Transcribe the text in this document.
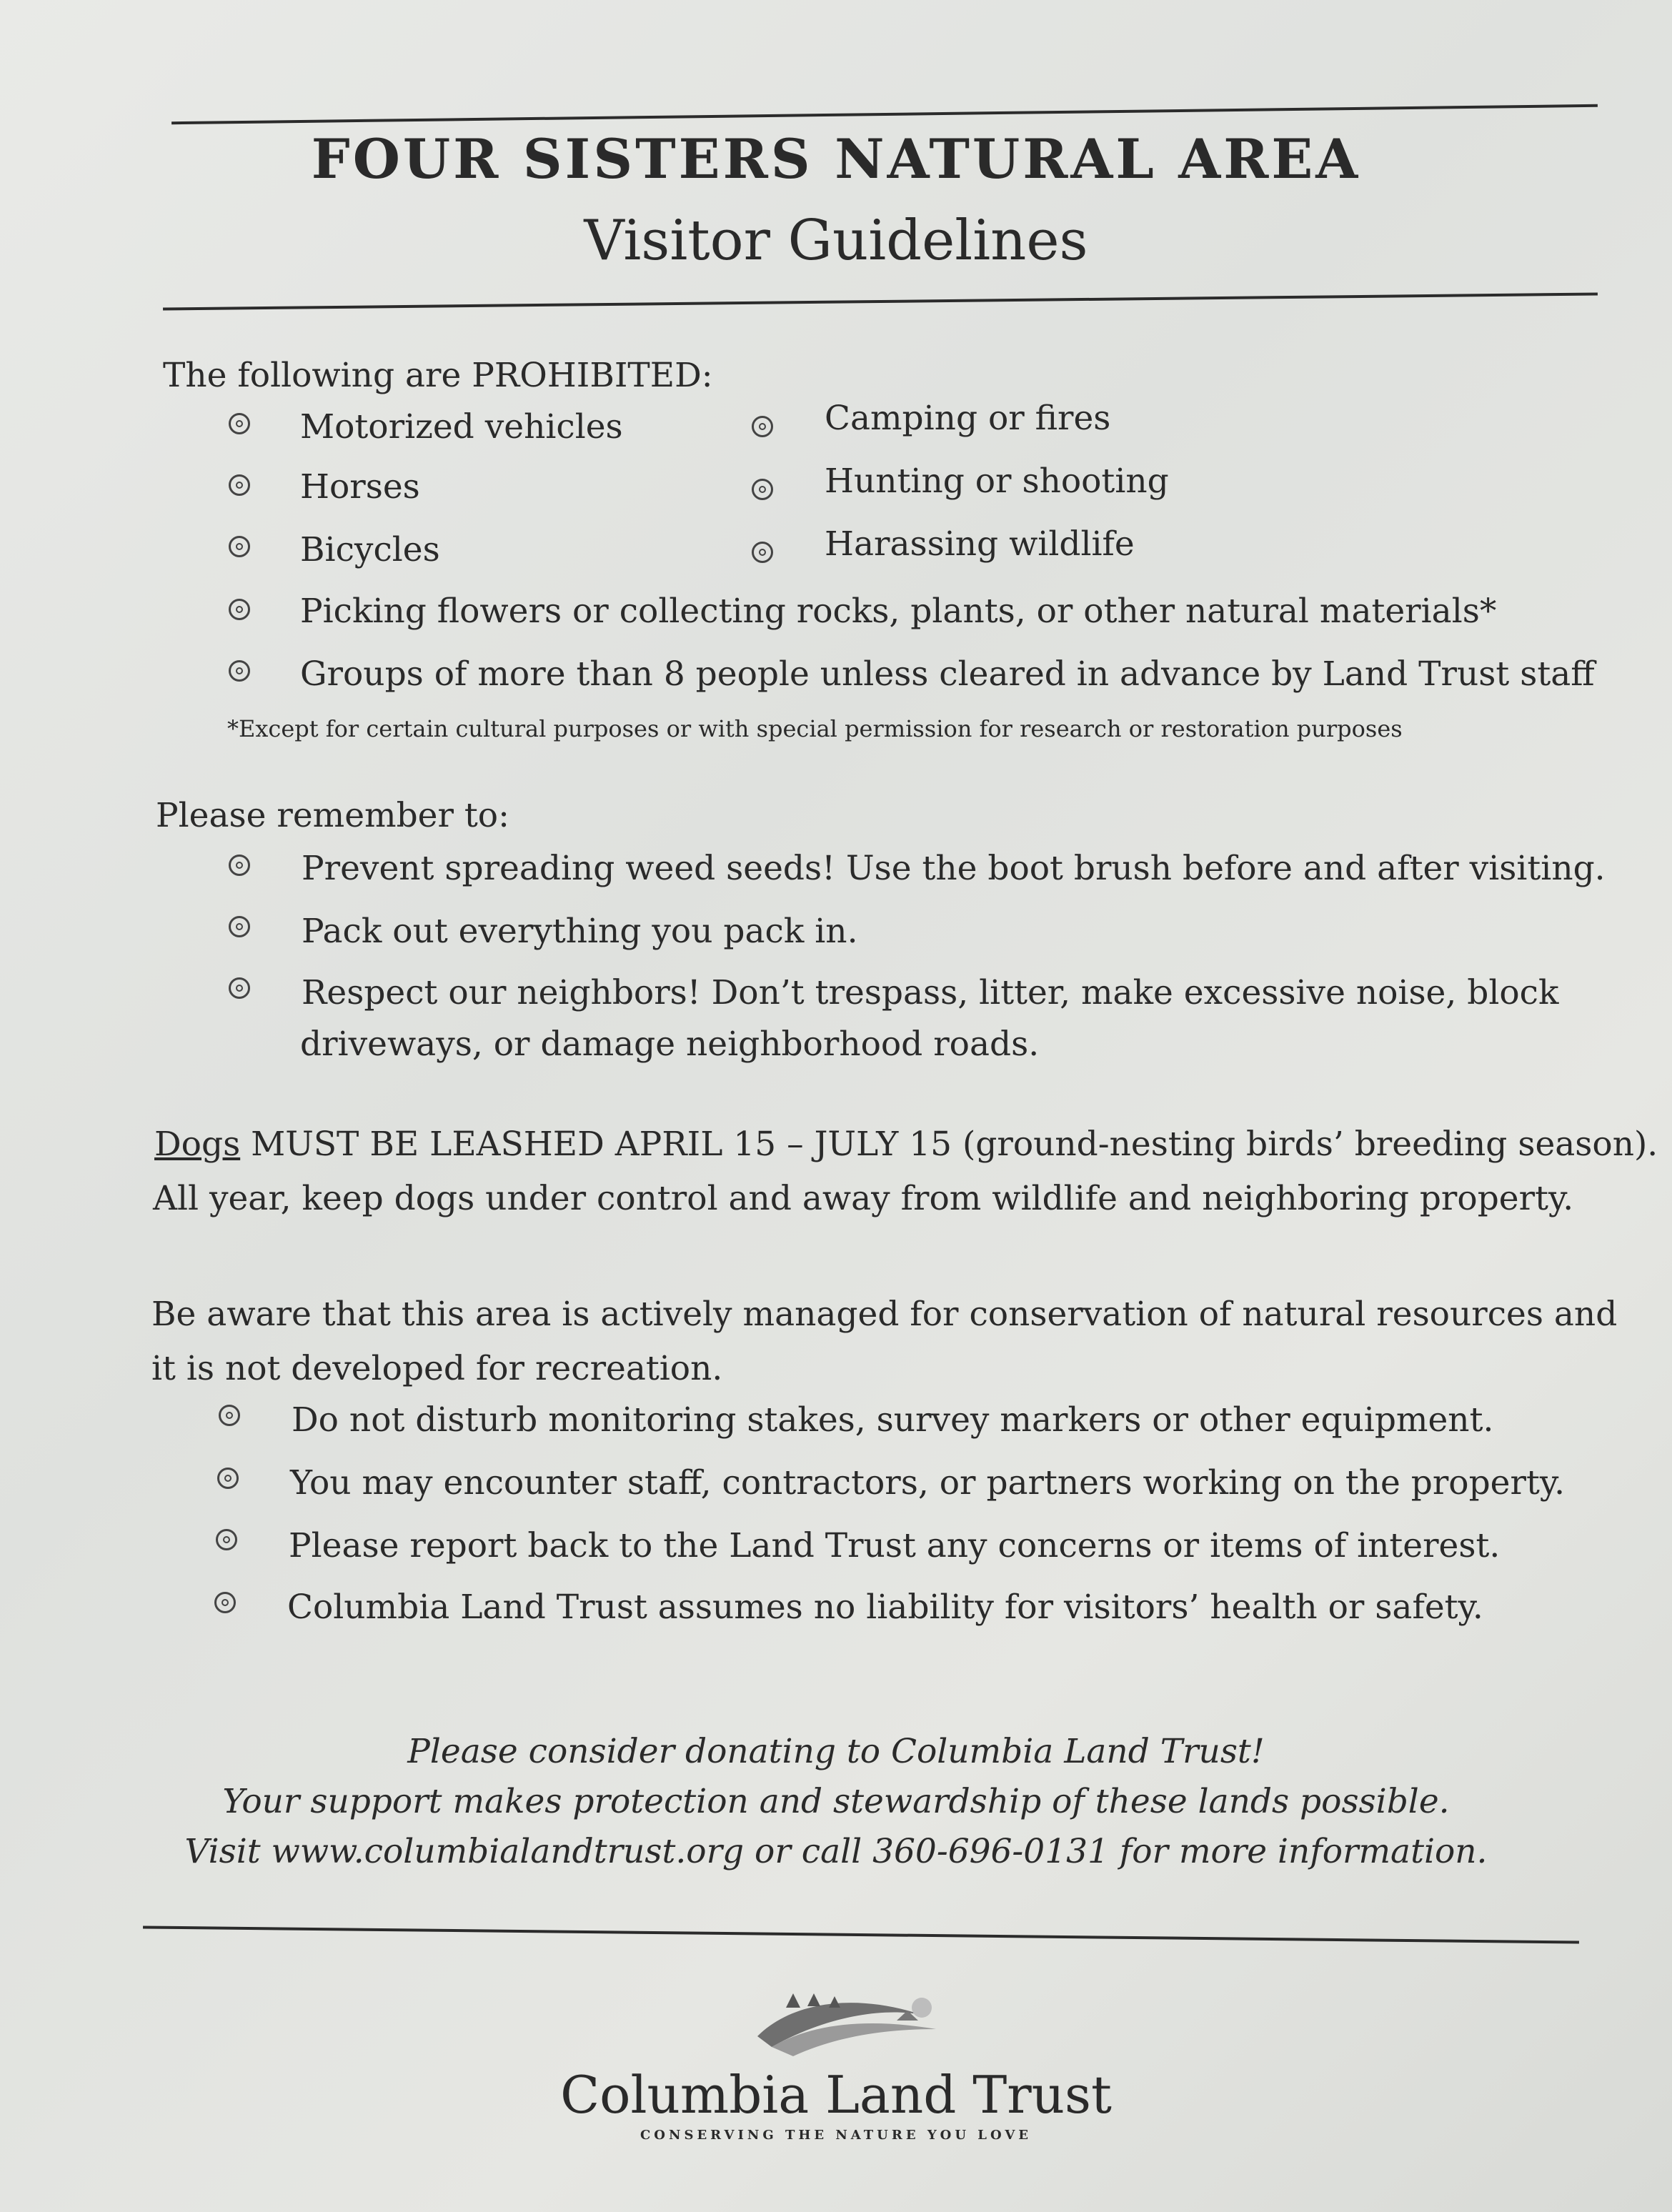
FOUR SISTERS NATURAL AREA
Visitor Guidelines
The following are PROHIBITED:
Motorized vehicles	Camping or fires
Horses	Hunting or shooting
Bicycles	Harassing wildlife
Picking flowers or collecting rocks, plants, or other natural materials*
Groups of more than 8 people unless cleared in advance by Land Trust staff
*Except for certain cultural purposes or with special permission for research or restoration purposes
Please remember to:
Prevent spreading weed seeds! Use the boot brush before and after visiting.
Pack out everything you pack in.
Respect our neighbors! Don’t trespass, litter, make excessive noise, block
driveways, or damage neighborhood roads.
Dogs MUST BE LEASHED APRIL 15 – JULY 15 (ground-nesting birds’ breeding season).
All year, keep dogs under control and away from wildlife and neighboring property.
Be aware that this area is actively managed for conservation of natural resources and
it is not developed for recreation.
Do not disturb monitoring stakes, survey markers or other equipment.
You may encounter staff, contractors, or partners working on the property.
Please report back to the Land Trust any concerns or items of interest.
Columbia Land Trust assumes no liability for visitors’ health or safety.
Please consider donating to Columbia Land Trust!
Your support makes protection and stewardship of these lands possible.
Visit www.columbialandtrust.org or call 360-696-0131 for more information.
Columbia Land Trust
CONSERVING THE NATURE YOU LOVE
